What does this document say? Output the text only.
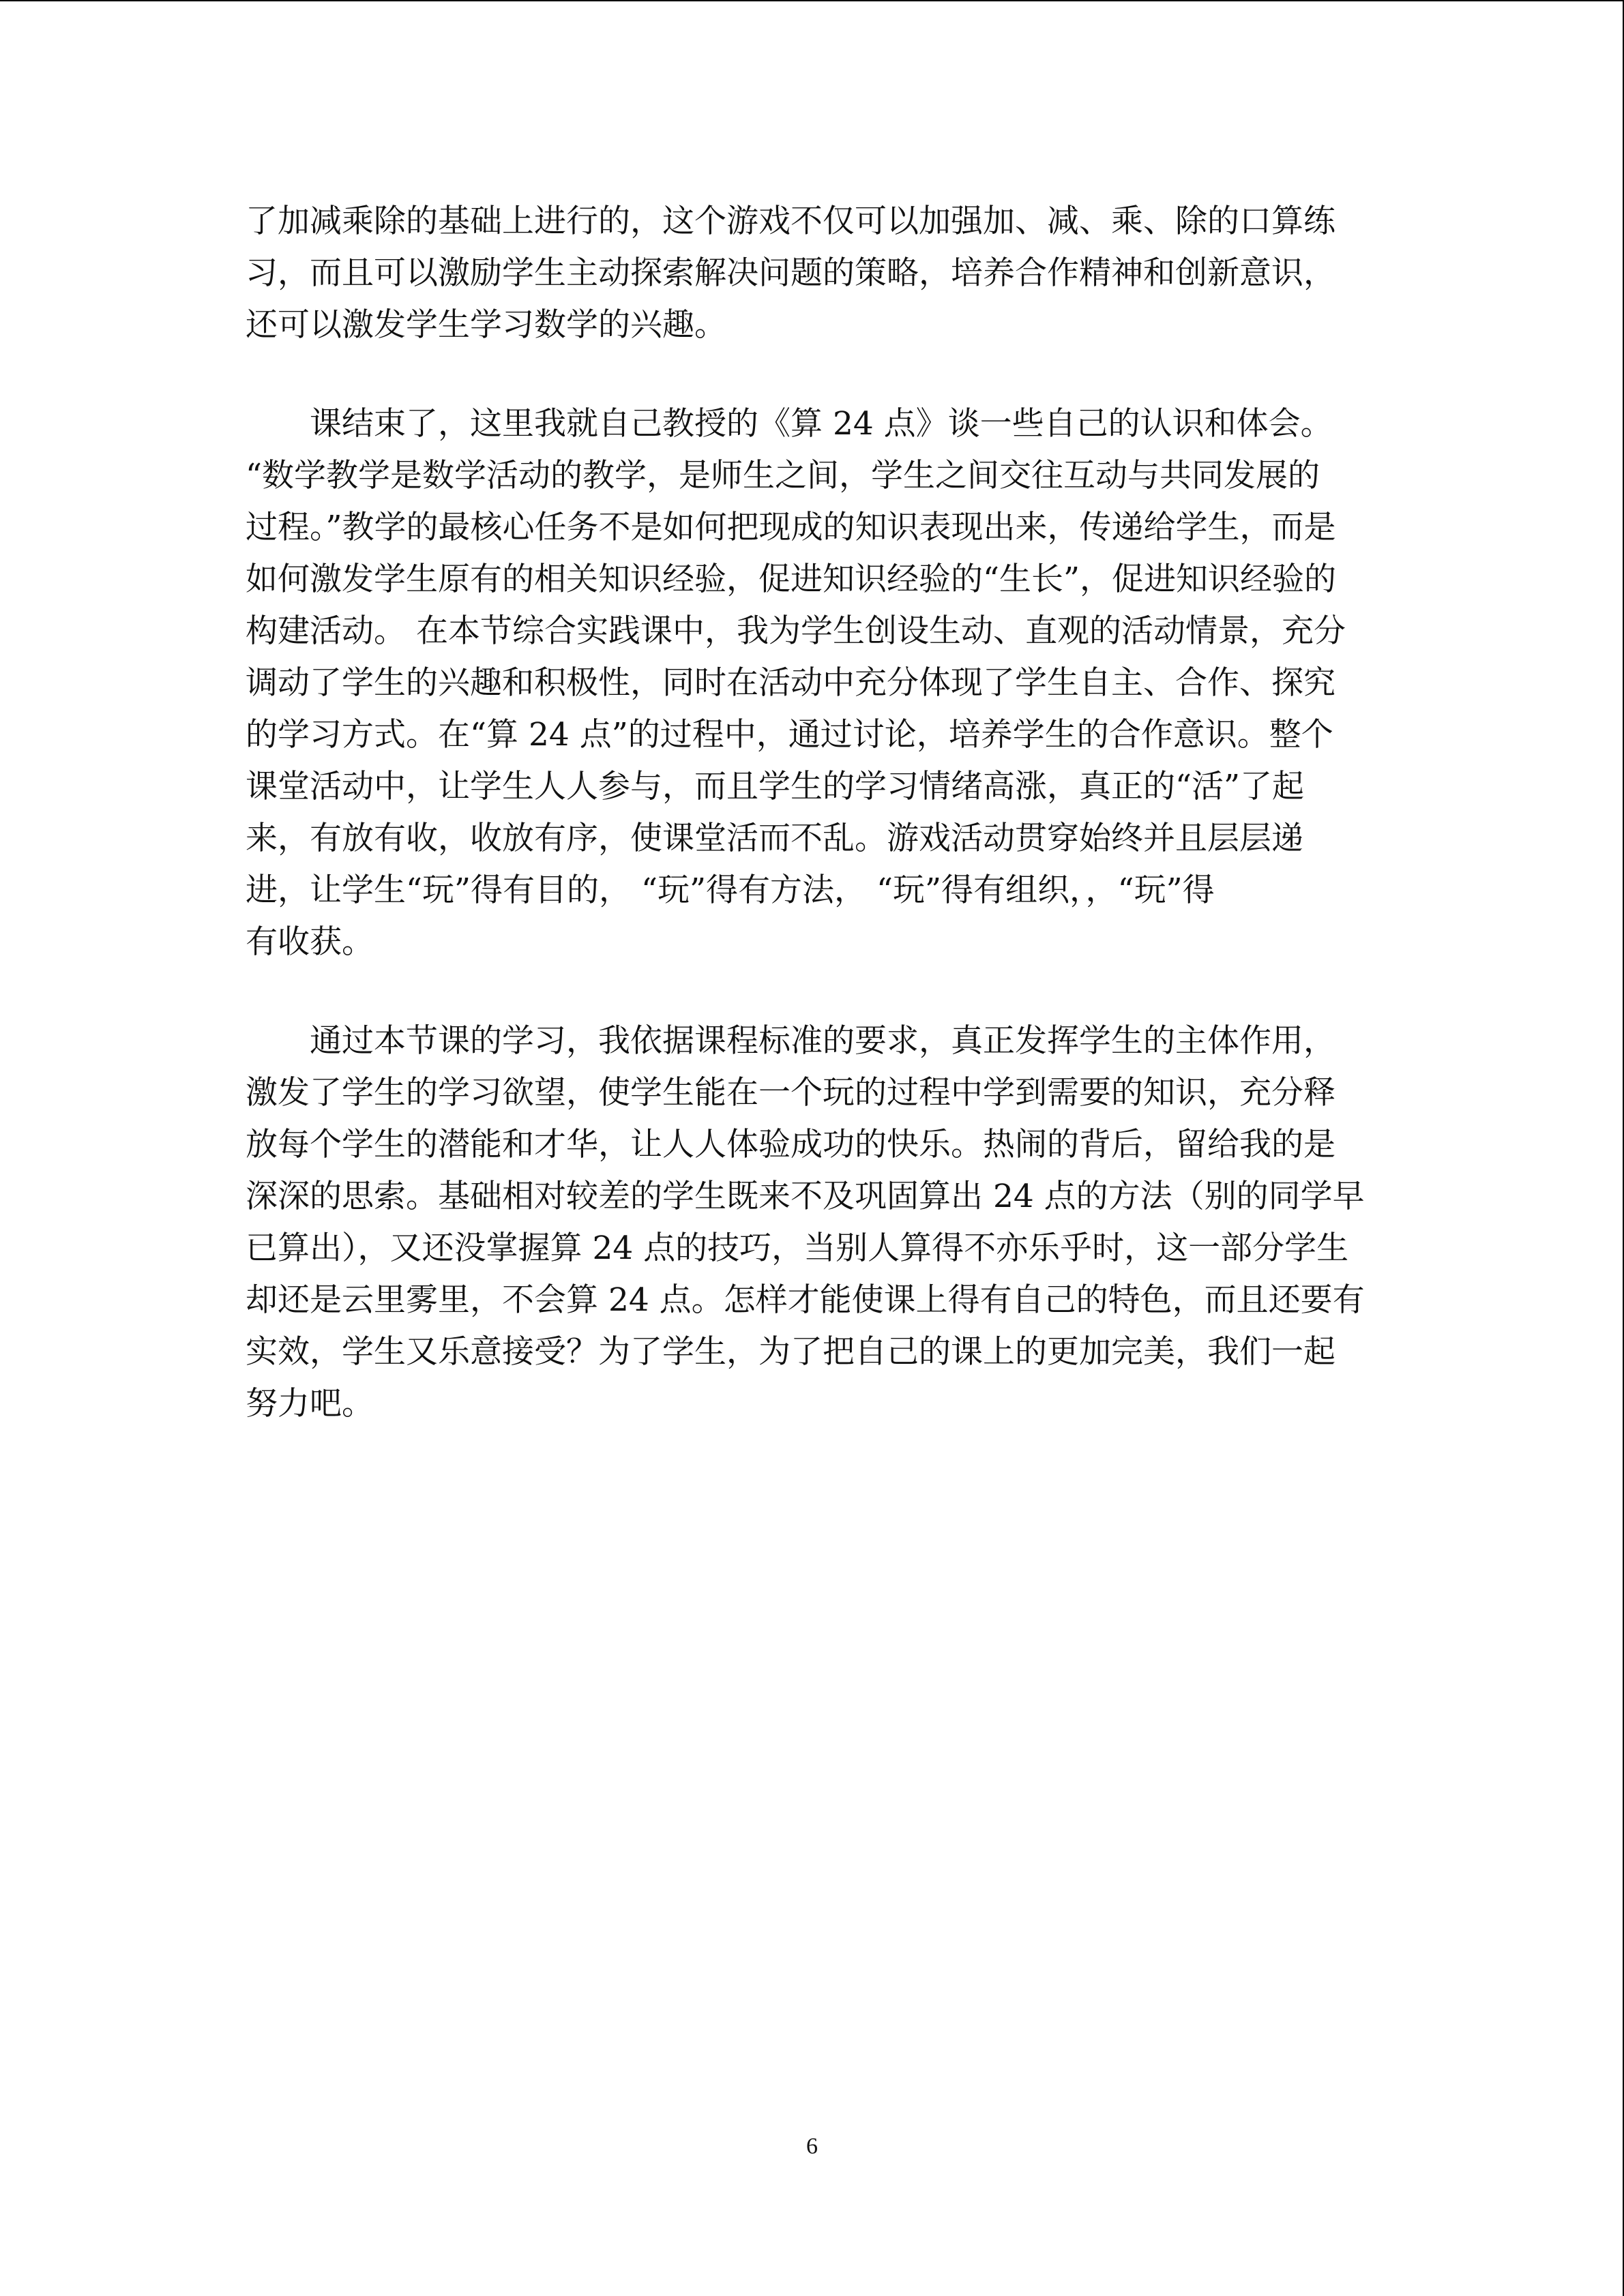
了加减乘除的基础上进行的，这个游戏不仅可以加强加、减、乘、除的口算练
习，而且可以激励学生主动探索解决问题的策略，培养合作精神和创新意识，
还可以激发学生学习数学的兴趣。
课结束了，这里我就自己教授的《算 24 点》谈一些自己的认识和体会。
“数学教学是数学活动的教学，是师生之间，学生之间交往互动与共同发展的
过程。”教学的最核心任务不是如何把现成的知识表现出来，传递给学生，而是
如何激发学生原有的相关知识经验，促进知识经验的“生长”，促进知识经验的
构建活动。 在本节综合实践课中，我为学生创设生动、直观的活动情景，充分
调动了学生的兴趣和积极性，同时在活动中充分体现了学生自主、合作、探究
的学习方式。在“算 24 点”的过程中，通过讨论，培养学生的合作意识。整个
课堂活动中，让学生人人参与，而且学生的学习情绪高涨，真正的“活”了起
来，有放有收，收放有序，使课堂活而不乱。游戏活动贯穿始终并且层层递
进，让学生“玩”得有目的， “玩”得有方法， “玩”得有组织，，“玩”得
有收获。
通过本节课的学习，我依据课程标准的要求，真正发挥学生的主体作用，
激发了学生的学习欲望，使学生能在一个玩的过程中学到需要的知识，充分释
放每个学生的潜能和才华，让人人体验成功的快乐。热闹的背后，留给我的是
深深的思索。基础相对较差的学生既来不及巩固算出 24 点的方法（别的同学早
已算出），又还没掌握算 24 点的技巧，当别人算得不亦乐乎时，这一部分学生
却还是云里雾里，不会算 24 点。怎样才能使课上得有自己的特色，而且还要有
实效，学生又乐意接受？为了学生，为了把自己的课上的更加完美，我们一起
努力吧。
6
